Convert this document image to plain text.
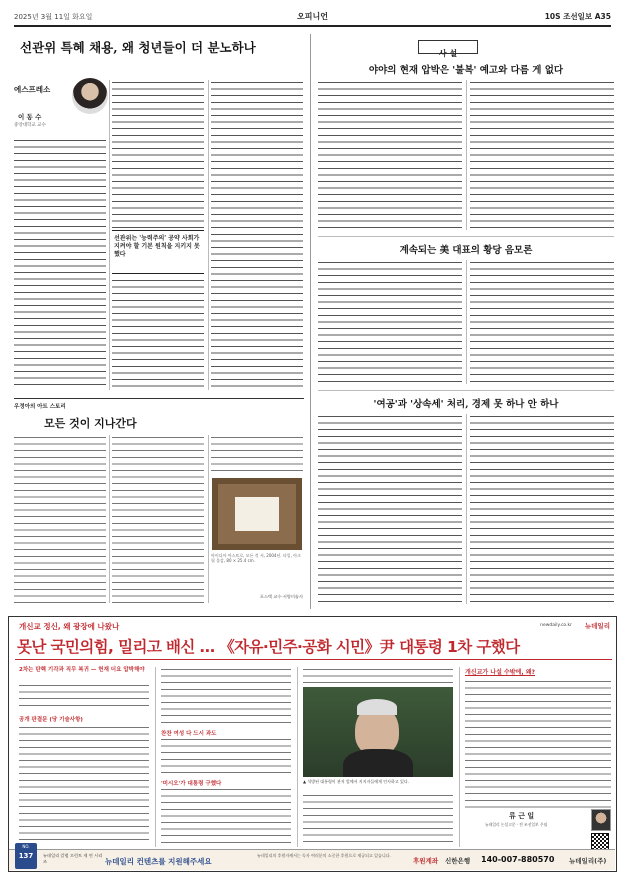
2025년 3월 11일 화요일	오피니언	10S 조선일보 A35
선관위 특혜 채용, 왜 청년들이 더 분노하나
에스프레소
이 동 수
중앙대학교 교수
선관위는 '능력주의' 공약 사회가 지켜야 할 기본 원칙을 지키지 못했다
우정아의 아트 스토리
모든 것이 지나간다
아이디아 아스트로, 모든 것 서, 2004년. 타일, 아크릴 물감, 80 × 25.4 cm.
포스텍 교수·서양미술사
사 설
야야의 현재 압박은 '불복' 예고와 다름 게 없다
계속되는 美 대표의 황당 음모론
'여공'과 '상속세' 처리, 경제 못 하나 안 하나
개신교 정신, 왜 광장에 나왔나	newdaily.co.kr 뉴데일리
못난 국민의힘, 밀리고 배신 … 《자유·민주·공화 시민》尹 대통령 1차 구했다
2차는 탄핵 기각과 직무 복귀 — 헌재 더요 압박해야
공개 판결문 (당 기술사항)
찬찬 여성 다 드시 과도
'미시오'가 대통령 구했다	▲ 석방된 대통령이 관저 앞에서 지지자들에게 인사하고 있다.
개신교가 나설 수밖에, 왜?
류 근 일
뉴데일리 논설고문 · 전 조선일보 주필
NO.
137	뉴데일리 칼럼 프런트 제 연 시리즈	뉴데일리 컨텐츠를 지원해주세요
뉴데일리의 후원자께서는 독자 여러분의 소중한 후원으로 제공되고 있습니다.
후원계좌 신한은행 140-007-880570 뉴데일리(주)
